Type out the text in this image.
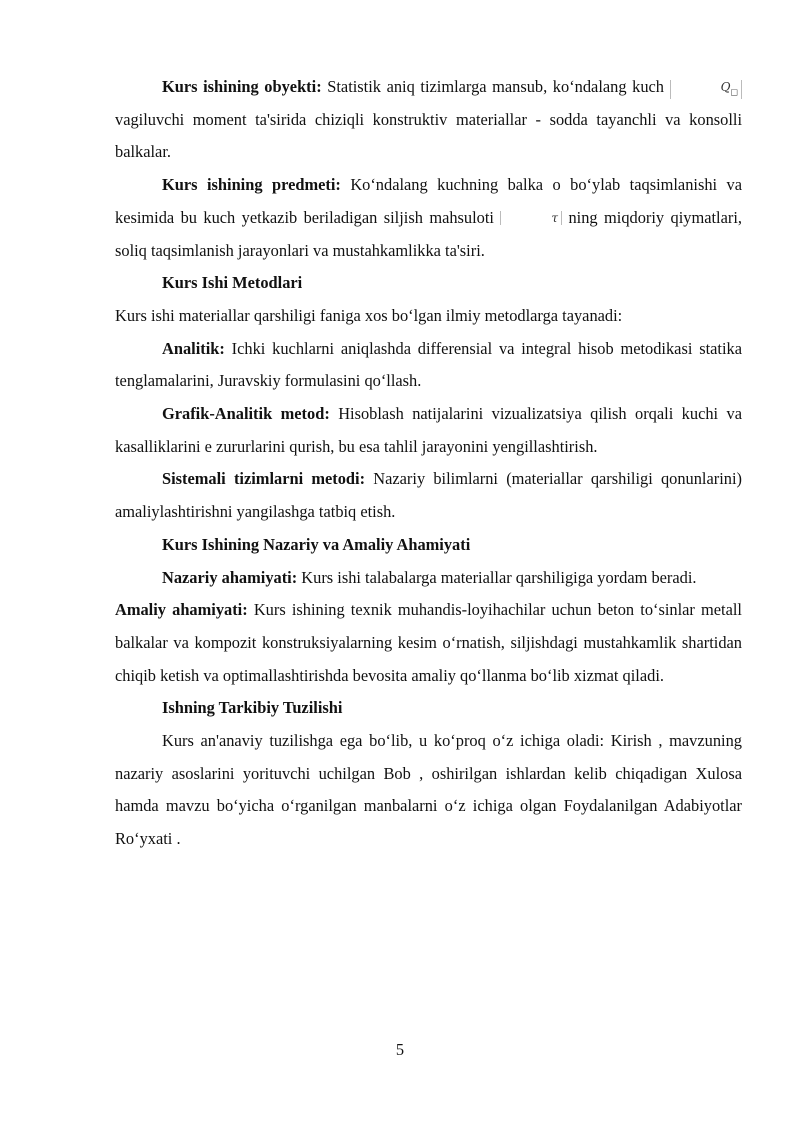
Kurs ishining obyekti: Statistik aniq tizimlarga mansub, ko‘ndalang kuch	$Q_□$ vagiluvchi moment ta'sirida chiziqli konstruktiv materiallar - sodda tayanchli va konsolli balkalar.

Kurs ishining predmeti: Ko‘ndalang kuchning balka o bo‘ylab taqsimlanishi va kesimida bu kuch yetkazib beriladigan siljish mahsuloti	τ ning miqdoriy qiymatlari, soliq taqsimlanish jarayonlari va mustahkamlikka ta'siri.

Kurs Ishi Metodlari

Kurs ishi materiallar qarshiligi faniga xos bo‘lgan ilmiy metodlarga tayanadi:

Analitik: Ichki kuchlarni aniqlashda differensial va integral hisob metodikasi statika tenglamalarini, Juravskiy formulasini qo‘llash.

Grafik-Analitik metod: Hisoblash natijalarini vizualizatsiya qilish orqali kuchi va kasalliklarini e zururlarini qurish, bu esa tahlil jarayonini yengillashtirish.

Sistemali tizimlarni metodi: Nazariy bilimlarni (materiallar qarshiligi qonunlarini) amaliylashtirishni yangilashga tatbiq etish.

Kurs Ishining Nazariy va Amaliy Ahamiyati

Nazariy ahamiyati: Kurs ishi talabalarga materiallar qarshiligiga yordam beradi.

Amaliy ahamiyati: Kurs ishining texnik muhandis-loyihachilar uchun beton to‘sinlar metall balkalar va kompozit konstruksiyalarning kesim o‘rnatish, siljishdagi mustahkamlik shartidan chiqib ketish va optimallashtirishda bevosita amaliy qo‘llanma bo‘lib xizmat qiladi.

Ishning Tarkibiy Tuzilishi

Kurs an'anaviy tuzilishga ega bo‘lib, u ko‘proq o‘z ichiga oladi: Kirish , mavzuning nazariy asoslarini yorituvchi uchilgan Bob , oshirilgan ishlardan kelib chiqadigan Xulosa hamda mavzu bo‘yicha o‘rganilgan manbalarni o‘z ichiga olgan Foydalanilgan Adabiyotlar Ro‘yxati .

5
